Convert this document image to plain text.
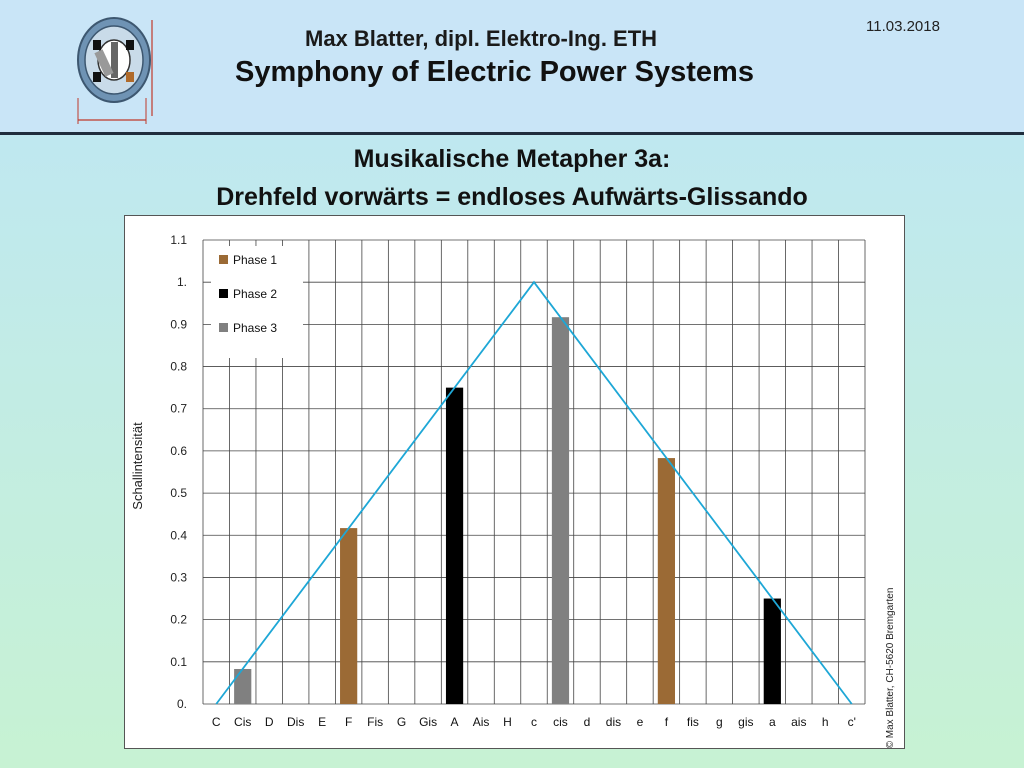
Max Blatter, dipl. Elektro-Ing. ETH
Symphony of Electric Power Systems
11.03.2018
Musikalische Metapher 3a:
Drehfeld vorwärts = endloses Aufwärts-Glissando
0.
0.1
0.2
0.3
0.4
0.5
0.6
0.7
0.8
0.9
1.
1.1
C Cis D Dis E F Fis G Gis A Ais H c cis d dis e f fis g gis a ais h c'
Phase 1
Phase 2
Phase 3
Schallintensität
© Max Blatter, CH-5620 Bremgarten
